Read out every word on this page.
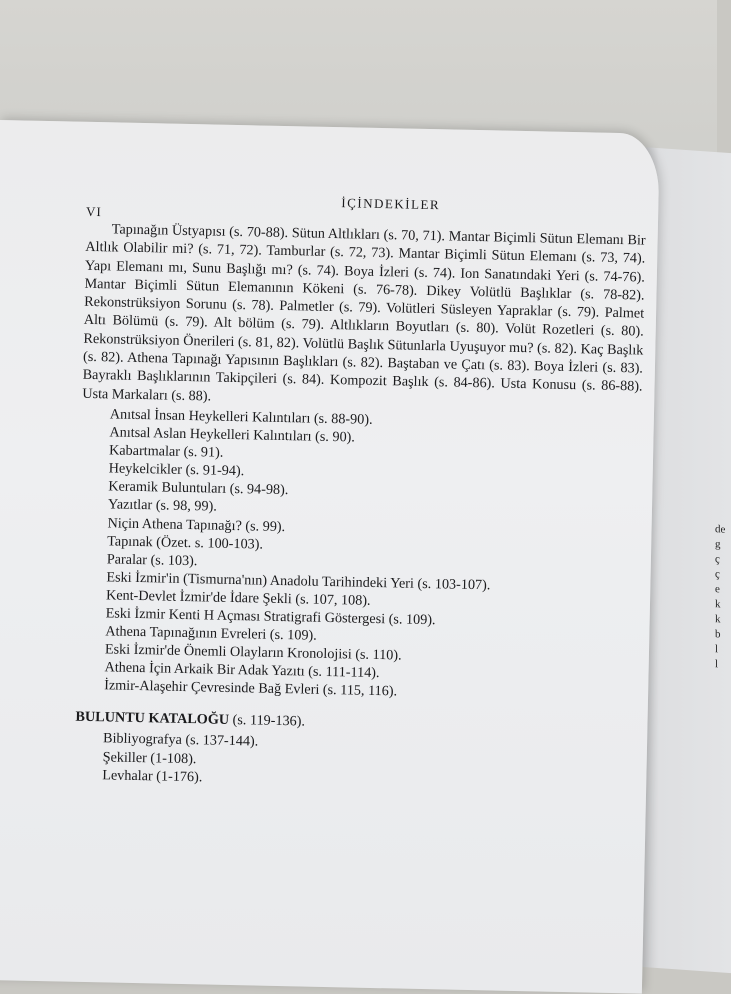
de
g
ç
ç
e
k
k
b
l
l
VI	İÇİNDEKİLER

Tapınağın Üstyapısı (s. 70-88). Sütun Altlıkları (s. 70, 71). Mantar Biçimli Sütun Elemanı Bir Altlık Olabilir mi? (s. 71, 72). Tamburlar (s. 72, 73). Mantar Biçimli Sütun Elemanı (s. 73, 74). Yapı Elemanı mı, Sunu Başlığı mı? (s. 74). Boya İzleri (s. 74). Ion Sanatındaki Yeri (s. 74-76). Mantar Biçimli Sütun Elemanının Kökeni (s. 76-78). Dikey Volütlü Başlıklar (s. 78-82). Rekonstrüksiyon Sorunu (s. 78). Palmetler (s. 79). Volütleri Süsleyen Yapraklar (s. 79). Palmet Altı Bölümü (s. 79). Alt bölüm (s. 79). Altlıkların Boyutları (s. 80). Volüt Rozetleri (s. 80). Rekonstrüksiyon Önerileri (s. 81, 82). Volütlü Başlık Sütunlarla Uyuşuyor mu? (s. 82). Kaç Başlık (s. 82). Athena Tapınağı Yapısının Başlıkları (s. 82). Baştaban ve Çatı (s. 83). Boya İzleri (s. 83). Bayraklı Başlıklarının Takipçileri (s. 84). Kompozit Başlık (s. 84-86). Usta Konusu (s. 86-88). Usta Markaları (s. 88).

Anıtsal İnsan Heykelleri Kalıntıları (s. 88-90).
Anıtsal Aslan Heykelleri Kalıntıları (s. 90).
Kabartmalar (s. 91).
Heykelcikler (s. 91-94).
Keramik Buluntuları (s. 94-98).
Yazıtlar (s. 98, 99).
Niçin Athena Tapınağı? (s. 99).
Tapınak (Özet. s. 100-103).
Paralar (s. 103).
Eski İzmir'in (Tismurna'nın) Anadolu Tarihindeki Yeri (s. 103-107).
Kent-Devlet İzmir'de İdare Şekli (s. 107, 108).
Eski İzmir Kenti H Açması Stratigrafi Göstergesi (s. 109).
Athena Tapınağının Evreleri (s. 109).
Eski İzmir'de Önemli Olayların Kronolojisi (s. 110).
Athena İçin Arkaik Bir Adak Yazıtı (s. 111-114).
İzmir-Alaşehir Çevresinde Bağ Evleri (s. 115, 116).
BULUNTU KATALOĞU (s. 119-136).
Bibliyografya (s. 137-144).
Şekiller (1-108).
Levhalar (1-176).
